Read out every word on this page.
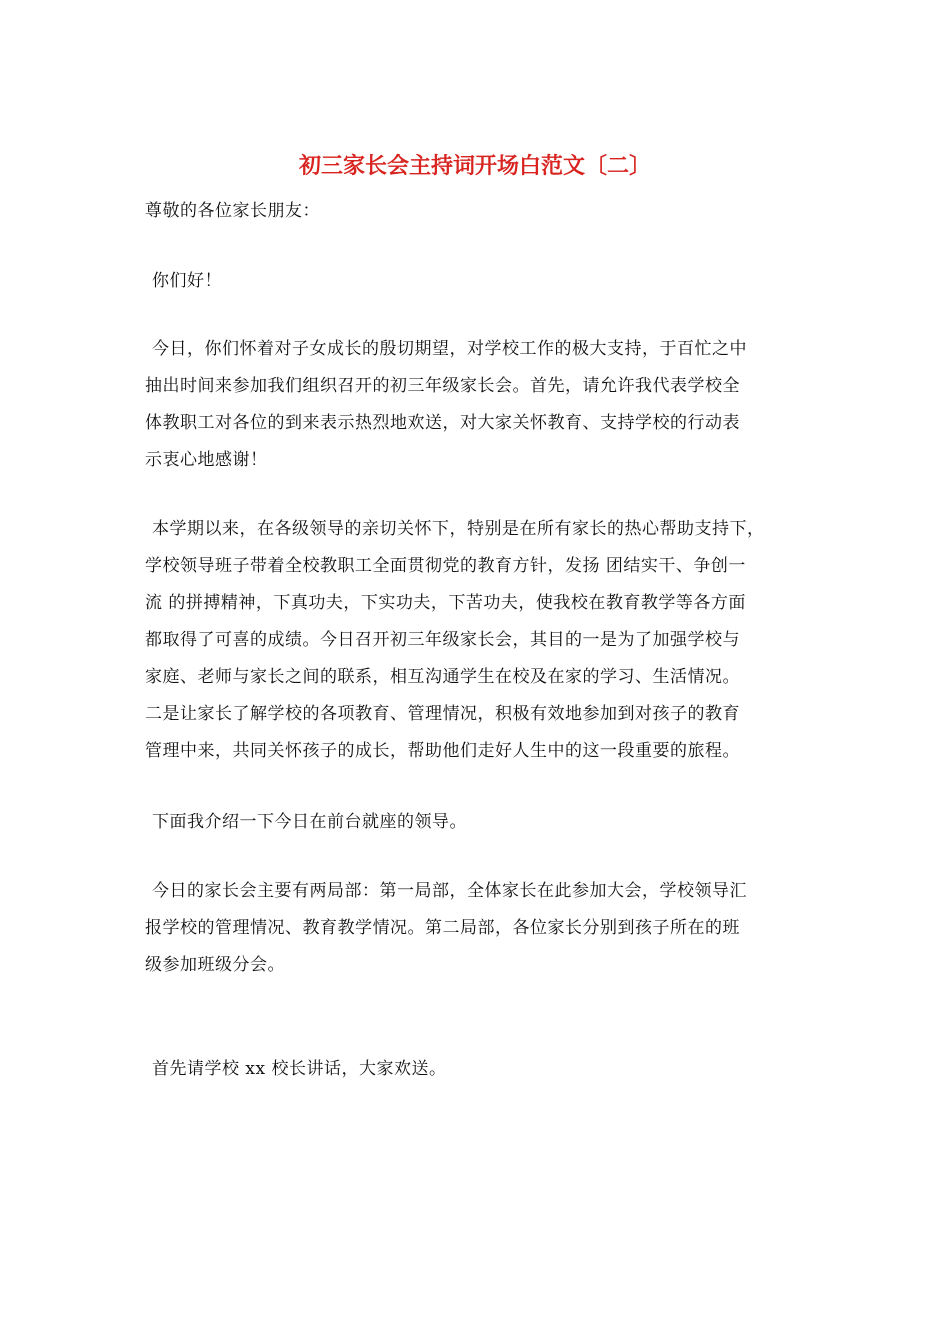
初三家长会主持词开场白范文〔二〕
尊敬的各位家长朋友：
你们好！
今日，你们怀着对子女成长的殷切期望，对学校工作的极大支持，于百忙之中
抽出时间来参加我们组织召开的初三年级家长会。首先，请允许我代表学校全
体教职工对各位的到来表示热烈地欢送，对大家关怀教育、支持学校的行动表
示衷心地感谢！
本学期以来，在各级领导的亲切关怀下，特别是在所有家长的热心帮助支持下，
学校领导班子带着全校教职工全面贯彻党的教育方针，发扬 团结实干、争创一
流 的拼搏精神，下真功夫，下实功夫，下苦功夫，使我校在教育教学等各方面
都取得了可喜的成绩。今日召开初三年级家长会，其目的一是为了加强学校与
家庭、老师与家长之间的联系，相互沟通学生在校及在家的学习、生活情况。
二是让家长了解学校的各项教育、管理情况，积极有效地参加到对孩子的教育
管理中来，共同关怀孩子的成长，帮助他们走好人生中的这一段重要的旅程。
下面我介绍一下今日在前台就座的领导。
今日的家长会主要有两局部：第一局部，全体家长在此参加大会，学校领导汇
报学校的管理情况、教育教学情况。第二局部，各位家长分别到孩子所在的班
级参加班级分会。
首先请学校 xx 校长讲话，大家欢送。
